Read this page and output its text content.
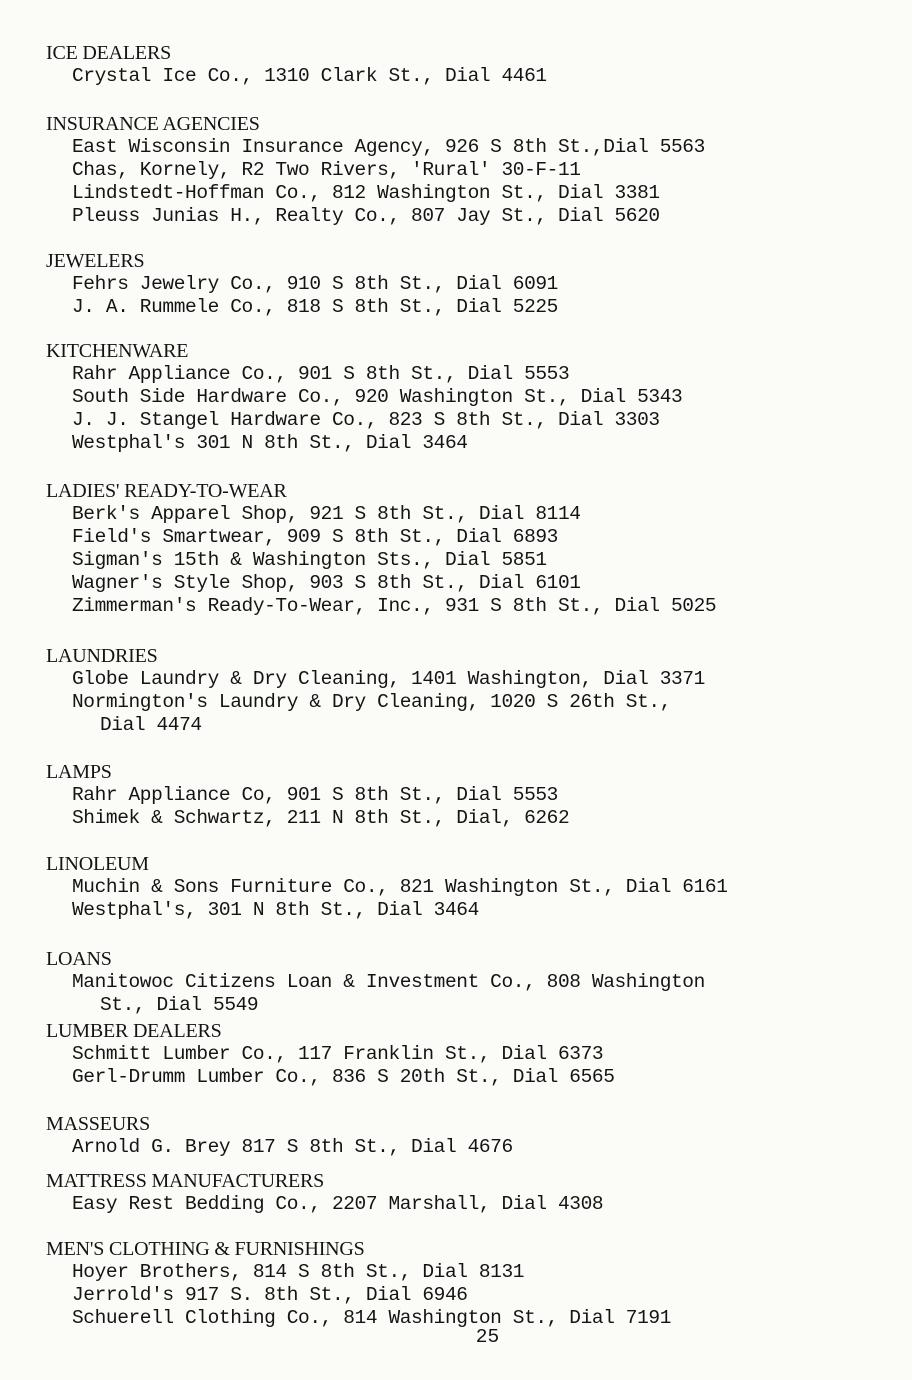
ICE DEALERS
Crystal Ice Co., 1310 Clark St., Dial 4461
INSURANCE AGENCIES
East Wisconsin Insurance Agency, 926 S 8th St.,Dial 5563
Chas, Kornely, R2 Two Rivers, 'Rural' 30-F-11
Lindstedt-Hoffman Co., 812 Washington St., Dial 3381
Pleuss Junias H., Realty Co., 807 Jay St., Dial 5620
JEWELERS
Fehrs Jewelry Co., 910 S 8th St., Dial 6091
J. A. Rummele Co., 818 S 8th St., Dial 5225
KITCHENWARE
Rahr Appliance Co., 901 S 8th St., Dial 5553
South Side Hardware Co., 920 Washington St., Dial 5343
J. J. Stangel Hardware Co., 823 S 8th St., Dial 3303
Westphal's 301 N 8th St., Dial 3464
LADIES' READY-TO-WEAR
Berk's Apparel Shop, 921 S 8th St., Dial 8114
Field's Smartwear, 909 S 8th St., Dial 6893
Sigman's 15th & Washington Sts., Dial 5851
Wagner's Style Shop, 903 S 8th St., Dial 6101
Zimmerman's Ready-To-Wear, Inc., 931 S 8th St., Dial 5025
LAUNDRIES
Globe Laundry & Dry Cleaning, 1401 Washington, Dial 3371
Normington's Laundry & Dry Cleaning, 1020 S 26th St.,
Dial 4474
LAMPS
Rahr Appliance Co, 901 S 8th St., Dial 5553
Shimek & Schwartz, 211 N 8th St., Dial, 6262
LINOLEUM
Muchin & Sons Furniture Co., 821 Washington St., Dial 6161
Westphal's, 301 N 8th St., Dial 3464
LOANS
Manitowoc Citizens Loan & Investment Co., 808 Washington
St., Dial 5549
LUMBER DEALERS
Schmitt Lumber Co., 117 Franklin St., Dial 6373
Gerl-Drumm Lumber Co., 836 S 20th St., Dial 6565
MASSEURS
Arnold G. Brey 817 S 8th St., Dial 4676
MATTRESS MANUFACTURERS
Easy Rest Bedding Co., 2207 Marshall, Dial 4308
MEN'S CLOTHING & FURNISHINGS
Hoyer Brothers, 814 S 8th St., Dial 8131
Jerrold's 917 S. 8th St., Dial 6946
Schuerell Clothing Co., 814 Washington St., Dial 7191
25
